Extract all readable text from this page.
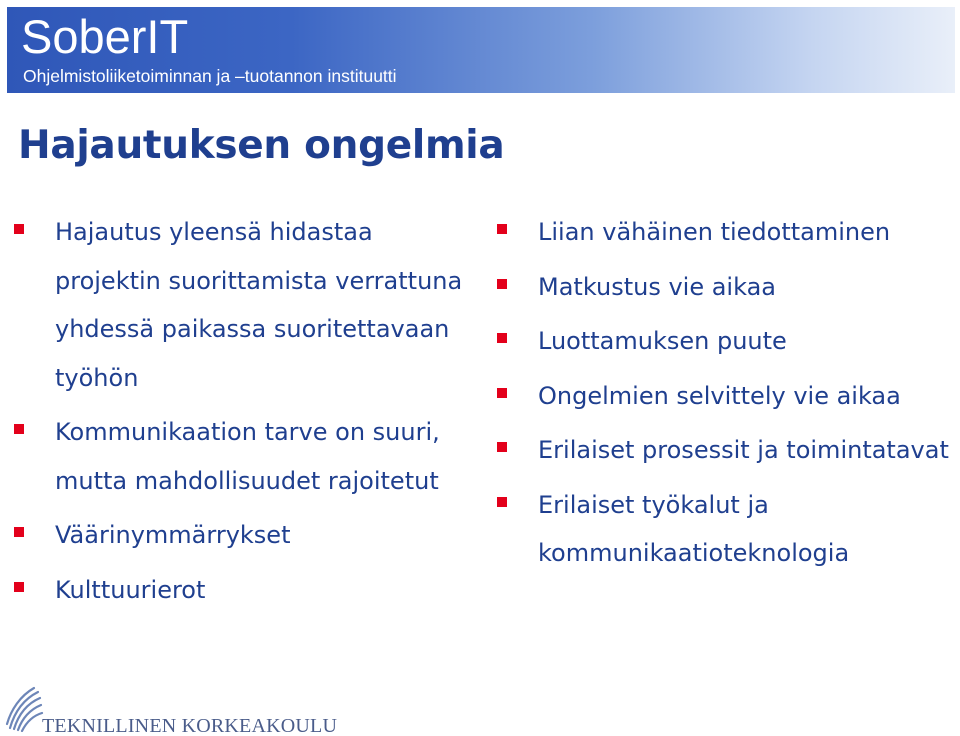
SoberIT
Ohjelmistoliiketoiminnan ja –tuotannon instituutti
Hajautuksen ongelmia
Hajautus yleensä hidastaa projektin suorittamista verrattuna yhdessä paikassa suoritettavaan työhön
Kommunikaation tarve on suuri, mutta mahdollisuudet rajoitetut
Väärinymmärrykset
Kulttuurierot
Liian vähäinen tiedottaminen
Matkustus vie aikaa
Luottamuksen puute
Ongelmien selvittely vie aikaa
Erilaiset prosessit ja toimintatavat
Erilaiset työkalut ja kommunikaatioteknologia
TEKNILLINEN KORKEAKOULU
